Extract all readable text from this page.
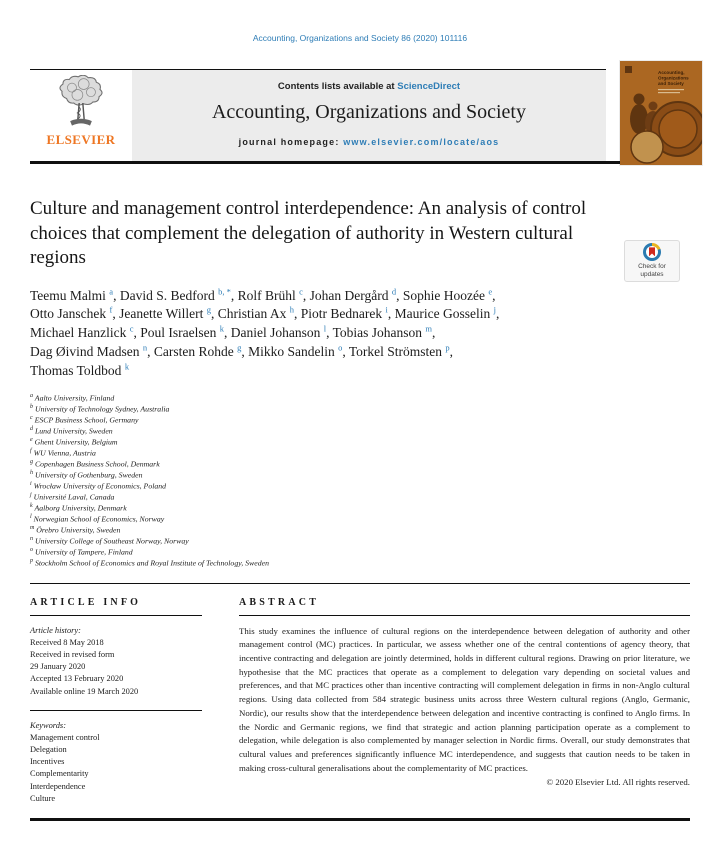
Accounting, Organizations and Society 86 (2020) 101116
ELSEVIER
Contents lists available at ScienceDirect
Accounting, Organizations and Society
journal homepage: www.elsevier.com/locate/aos
Accounting,
Organizations
and Society
Culture and management control interdependence: An analysis of control choices that complement the delegation of authority in Western cultural regions	Check for
updates
Teemu Malmi $^a$, David S. Bedford $^{b, *}$, Rolf Brühl $^c$, Johan Dergård $^d$, Sophie Hoozée $^e$,
Otto Janschek $^f$, Jeanette Willert $^g$, Christian Ax $^h$, Piotr Bednarek $^i$, Maurice Gosselin $^j$,
Michael Hanzlick $^c$, Poul Israelsen $^k$, Daniel Johanson $^l$, Tobias Johanson $^m$,
Dag Øivind Madsen $^n$, Carsten Rohde $^g$, Mikko Sandelin $^o$, Torkel Strömsten $^p$,
Thomas Toldbod $^k$
$^a$ Aalto University, Finland
$^b$ University of Technology Sydney, Australia
$^c$ ESCP Business School, Germany
$^d$ Lund University, Sweden
$^e$ Ghent University, Belgium
$^f$ WU Vienna, Austria
$^g$ Copenhagen Business School, Denmark
$^h$ University of Gothenburg, Sweden
$^i$ Wrocław University of Economics, Poland
$^j$ Université Laval, Canada
$^k$ Aalborg University, Denmark
$^l$ Norwegian School of Economics, Norway
$^m$ Örebro University, Sweden
$^n$ University College of Southeast Norway, Norway
$^o$ University of Tampere, Finland
$^p$ Stockholm School of Economics and Royal Institute of Technology, Sweden
ARTICLE INFO
Article history:
Received 8 May 2018
Received in revised form
29 January 2020
Accepted 13 February 2020
Available online 19 March 2020
Keywords:
Management control
Delegation
Incentives
Complementarity
Interdependence
Culture
ABSTRACT
This study examines the influence of cultural regions on the interdependence between delegation of authority and other management control (MC) practices. In particular, we assess whether one of the central contentions of agency theory, that incentive contracting and delegation are jointly determined, holds in different cultural regions. Drawing on prior literature, we hypothesise that the MC practices that operate as a complement to delegation vary depending on societal values and preferences, and that MC practices other than incentive contracting will complement delegation in firms in non-Anglo cultural regions. Using data collected from 584 strategic business units across three Western cultural regions (Anglo, Germanic, Nordic), our results show that the interdependence between delegation and incentive contracting is confined to Anglo firms. In the Nordic and Germanic regions, we find that strategic and action planning participation operate as a complement to delegation, while delegation is also complemented by manager selection in Nordic firms. Overall, our study demonstrates that cultural values and preferences significantly influence MC interdependence, and suggests that caution needs to be taken in making cross-cultural generalisations about the complementarity of MC practices.
© 2020 Elsevier Ltd. All rights reserved.
